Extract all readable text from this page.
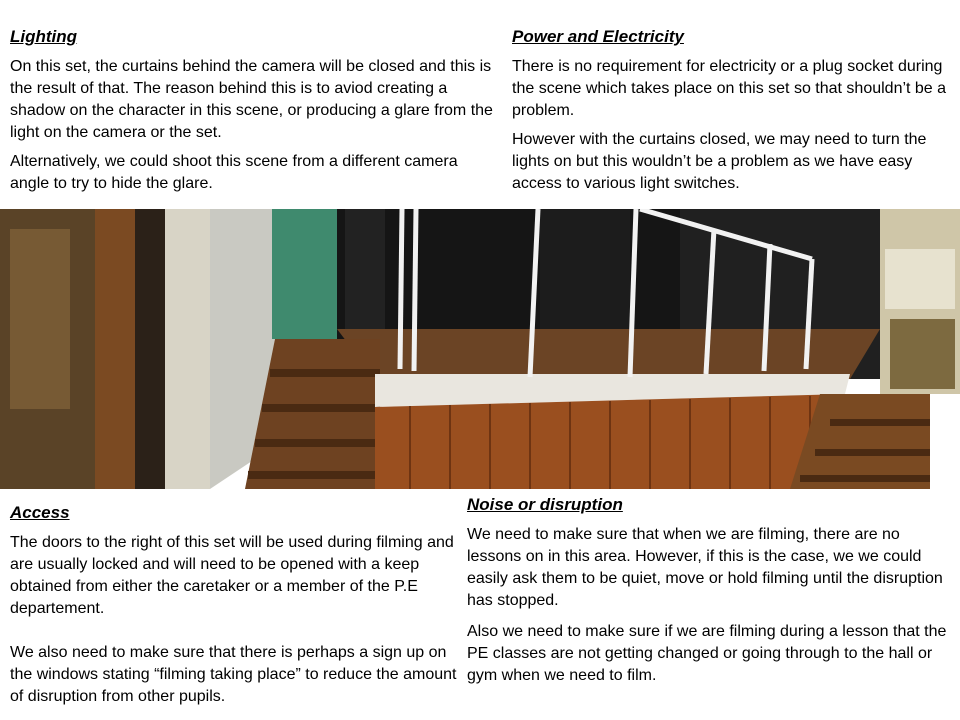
Lighting

On this set, the curtains behind the camera will be closed and this is the result of that. The reason behind this is to aviod creating a shadow on the character in this scene, or producing a glare from the light on the camera or the set.

Alternatively, we could shoot this scene from a different camera angle to try to hide the glare.

Power and Electricity

There is no requirement for electricity or a plug socket during the scene which takes place on this set so that shouldn’t be a problem.

However with the curtains closed, we may need to turn the lights on but this wouldn’t be a problem as we have easy access to various light switches.

Access

The doors to the right of this set will be used during filming and are usually locked and will need to be opened with a keep obtained from either the caretaker or a member of the P.E departement.

We also need to make sure that there is perhaps a sign up on the windows stating “filming taking place” to reduce the amount of disruption from other pupils.

Noise or disruption

We need to make sure that when we are filming, there are no lessons on in this area. However, if this is the case, we we could easily ask them to be quiet, move or hold filming until the disruption has stopped.

Also we need to make sure if we are filming during a lesson that the PE classes are not getting changed or going through to the hall or gym when we need to film.
